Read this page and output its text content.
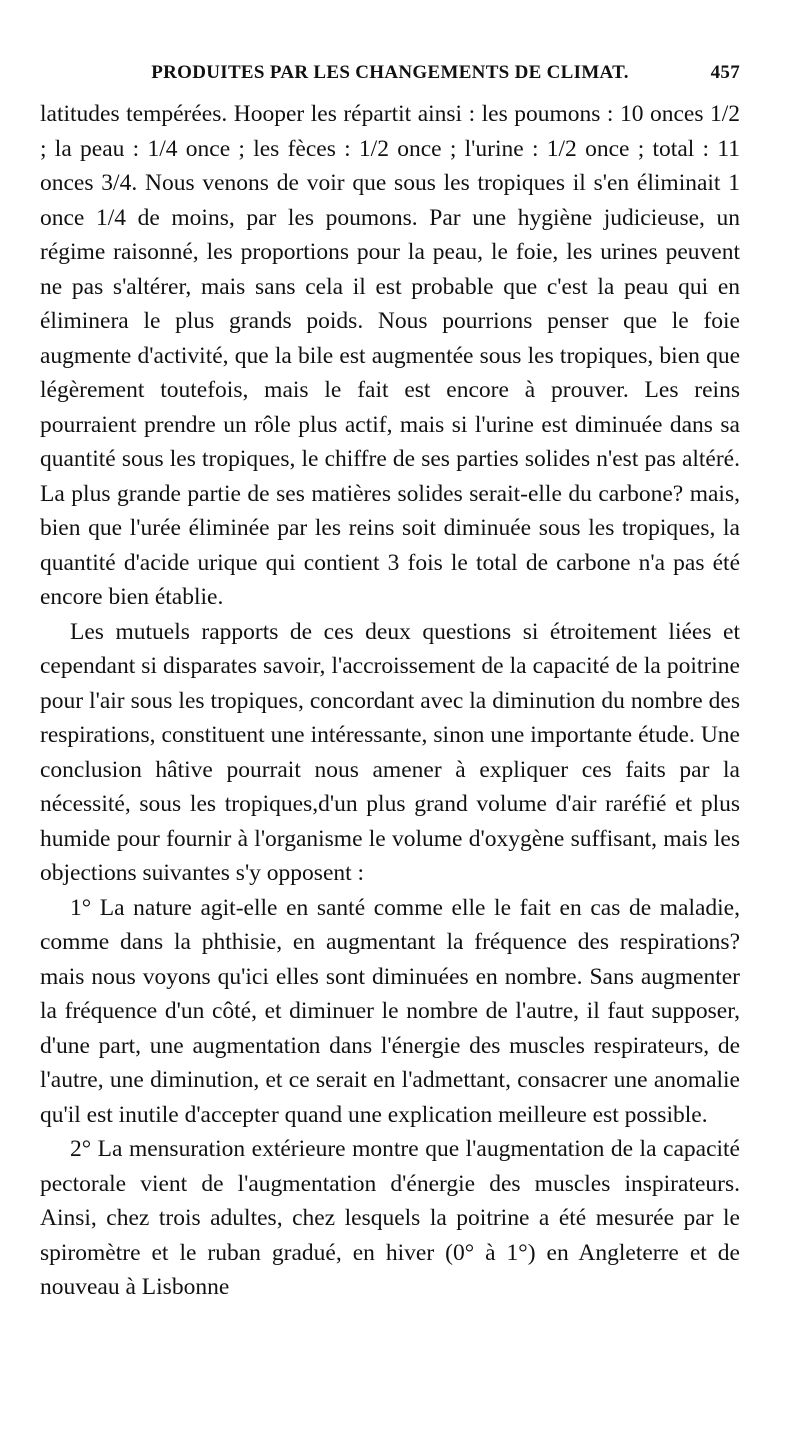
PRODUITES PAR LES CHANGEMENTS DE CLIMAT.	457

latitudes tempérées. Hooper les répartit ainsi : les poumons : 10 onces 1/2 ; la peau : 1/4 once ; les fèces : 1/2 once ; l'urine : 1/2 once ; total : 11 onces 3/4. Nous venons de voir que sous les tropiques il s'en éliminait 1 once 1/4 de moins, par les poumons. Par une hygiène judicieuse, un régime raisonné, les proportions pour la peau, le foie, les urines peuvent ne pas s'altérer, mais sans cela il est probable que c'est la peau qui en éliminera le plus grands poids. Nous pourrions penser que le foie augmente d'activité, que la bile est augmentée sous les tropiques, bien que légèrement toutefois, mais le fait est encore à prouver. Les reins pourraient prendre un rôle plus actif, mais si l'urine est diminuée dans sa quantité sous les tropiques, le chiffre de ses parties solides n'est pas altéré. La plus grande partie de ses matières solides serait-elle du carbone? mais, bien que l'urée éliminée par les reins soit diminuée sous les tropiques, la quantité d'acide urique qui contient 3 fois le total de carbone n'a pas été encore bien établie.

Les mutuels rapports de ces deux questions si étroitement liées et cependant si disparates savoir, l'accroissement de la capacité de la poitrine pour l'air sous les tropiques, concordant avec la diminution du nombre des respirations, constituent une intéressante, sinon une importante étude. Une conclusion hâtive pourrait nous amener à expliquer ces faits par la nécessité, sous les tropiques,d'un plus grand volume d'air raréfié et plus humide pour fournir à l'organisme le volume d'oxygène suffisant, mais les objections suivantes s'y opposent :

1° La nature agit-elle en santé comme elle le fait en cas de maladie, comme dans la phthisie, en augmentant la fréquence des respirations? mais nous voyons qu'ici elles sont diminuées en nombre. Sans augmenter la fréquence d'un côté, et diminuer le nombre de l'autre, il faut supposer, d'une part, une augmentation dans l'énergie des muscles respirateurs, de l'autre, une diminution, et ce serait en l'admettant, consacrer une anomalie qu'il est inutile d'accepter quand une explication meilleure est possible.

2° La mensuration extérieure montre que l'augmentation de la capacité pectorale vient de l'augmentation d'énergie des muscles inspirateurs. Ainsi, chez trois adultes, chez lesquels la poitrine a été mesurée par le spiromètre et le ruban gradué, en hiver (0° à 1°) en Angleterre et de nouveau à Lisbonne
